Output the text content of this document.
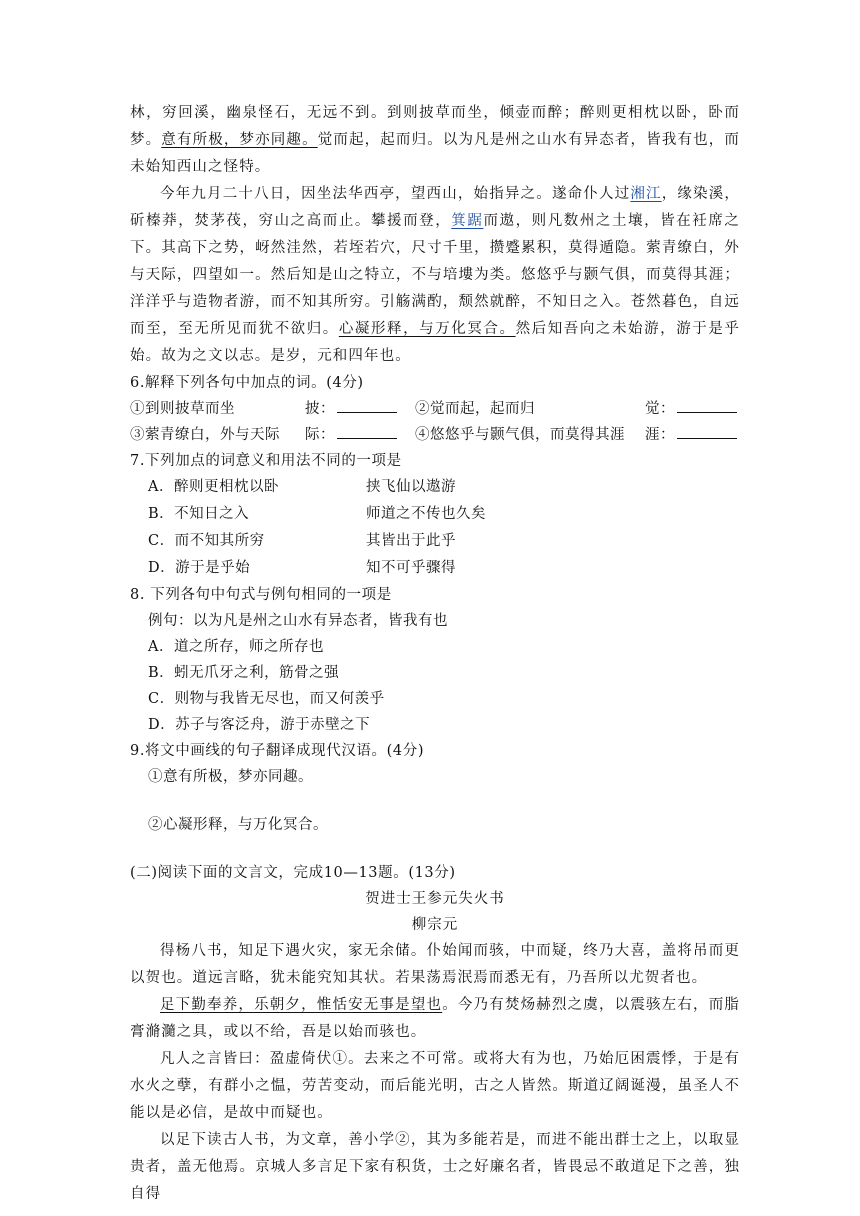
林，穷回溪，幽泉怪石，无远不到。到则披草而坐，倾壶而醉；醉则更相枕以卧，卧而梦。意有所极，梦亦同趣。觉而起，起而归。以为凡是州之山水有异态者，皆我有也，而未始知西山之怪特。

今年九月二十八日，因坐法华西亭，望西山，始指异之。遂命仆人过湘江，缘染溪，斫榛莽，焚茅茷，穷山之高而止。攀援而登，箕踞而遨，则凡数州之土壤，皆在衽席之下。其高下之势，岈然洼然，若垤若穴，尺寸千里，攒蹙累积，莫得遁隐。萦青缭白，外与天际，四望如一。然后知是山之特立，不与培塿为类。悠悠乎与颢气俱，而莫得其涯；洋洋乎与造物者游，而不知其所穷。引觞满酌，颓然就醉，不知日之入。苍然暮色，自远而至，至无所见而犹不欲归。心凝形释，与万化冥合。然后知吾向之未始游，游于是乎始。故为之文以志。是岁，元和四年也。

6.解释下列各句中加点的词。(4分)

①到则披草而坐	披：	②觉而起，起而归	觉：
③萦青缭白，外与天际	际：	④悠悠乎与颢气俱，而莫得其涯	涯：

7.下列加点的词意义和用法不同的一项是

A．醉则更相枕以卧	挟飞仙以遨游
B．不知日之入	师道之不传也久矣
C．而不知其所穷	其皆出于此乎
D．游于是乎始	知不可乎骤得

8. 下列各句中句式与例句相同的一项是

例句：以为凡是州之山水有异态者，皆我有也

A．道之所存，师之所存也

B．蚓无爪牙之利，筋骨之强

C．则物与我皆无尽也，而又何羡乎

D．苏子与客泛舟，游于赤壁之下

9.将文中画线的句子翻译成现代汉语。(4分)

①意有所极，梦亦同趣。

②心凝形释，与万化冥合。

(二)阅读下面的文言文，完成10—13题。(13分)

贺进士王参元失火书

柳宗元

得杨八书，知足下遇火灾，家无余储。仆始闻而骇，中而疑，终乃大喜，盖将吊而更以贺也。道远言略，犹未能究知其状。若果荡焉泯焉而悉无有，乃吾所以尤贺者也。

足下勤奉养，乐朝夕，惟恬安无事是望也。今乃有焚炀赫烈之虞，以震骇左右，而脂膏滫瀡之具，或以不给，吾是以始而骇也。

凡人之言皆曰：盈虚倚伏①。去来之不可常。或将大有为也，乃始厄困震悸，于是有水火之孽，有群小之愠，劳苦变动，而后能光明，古之人皆然。斯道辽阔诞漫，虽圣人不能以是必信，是故中而疑也。

以足下读古人书，为文章，善小学②，其为多能若是，而进不能出群士之上，以取显贵者，盖无他焉。京城人多言足下家有积货，士之好廉名者，皆畏忌不敢道足下之善，独自得
